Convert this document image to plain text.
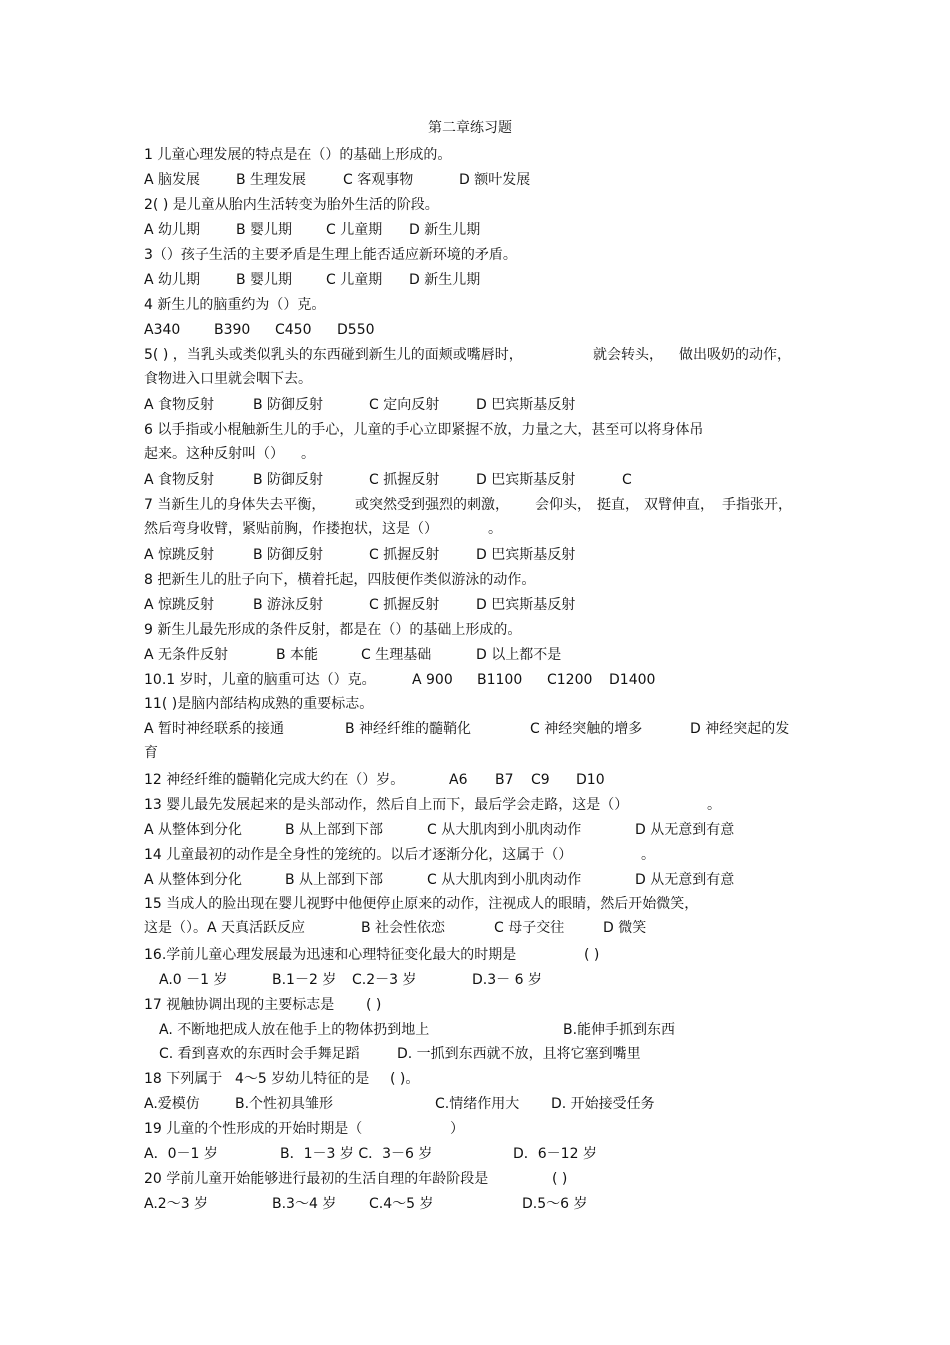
第二章练习题
1 儿童心理发展的特点是在（）的基础上形成的。
A 脑发展	B 生理发展	C 客观事物	D 额叶发展
2( ) 是儿童从胎内生活转变为胎外生活的阶段。
A 幼儿期	B 婴儿期 C 儿童期 D 新生儿期
3（）孩子生活的主要矛盾是生理上能否适应新环境的矛盾。
A 幼儿期	B 婴儿期 C 儿童期 D 新生儿期
4 新生儿的脑重约为（）克。
A340 B390 C450 D550
5( ) ，当乳头或类似乳头的东西碰到新生儿的面颊或嘴唇时，	就会转头， 做出吸奶的动作，
食物进入口里就会咽下去。
A 食物反射	B 防御反射	C 定向反射	D 巴宾斯基反射
6 以手指或小棍触新生儿的手心，儿童的手心立即紧握不放，力量之大，甚至可以将身体吊
起来。这种反射叫（） 。
A 食物反射	B 防御反射	C 抓握反射	D 巴宾斯基反射	C
7 当新生儿的身体失去平衡， 或突然受到强烈的刺激， 会仰头， 挺直， 双臂伸直， 手指张开，
然后弯身收臂，紧贴前胸，作搂抱状，这是（）	。
A 惊跳反射	B 防御反射	C 抓握反射	D 巴宾斯基反射
8 把新生儿的肚子向下，横着托起，四肢便作类似游泳的动作。
A 惊跳反射	B 游泳反射	C 抓握反射	D 巴宾斯基反射
9 新生儿最先形成的条件反射，都是在（）的基础上形成的。
A 无条件反射	B 本能	C 生理基础	D 以上都不是
10.1 岁时，儿童的脑重可达（）克。	A 900 B1100 C1200 D1400
11( )是脑内部结构成熟的重要标志。
A 暂时神经联系的接通	B 神经纤维的髓鞘化	C 神经突触的增多	D 神经突起的发
育
12 神经纤维的髓鞘化完成大约在（）岁。	A6 B7 C9 D10
13 婴儿最先发展起来的是头部动作，然后自上而下，最后学会走路，这是（）	。
A 从整体到分化	B 从上部到下部	C 从大肌肉到小肌肉动作	D 从无意到有意
14 儿童最初的动作是全身性的笼统的。以后才逐渐分化，这属于（）	。
A 从整体到分化	B 从上部到下部	C 从大肌肉到小肌肉动作	D 从无意到有意
15 当成人的脸出现在婴儿视野中他便停止原来的动作，注视成人的眼睛，然后开始微笑，
这是（）。A 天真活跃反应	B 社会性依恋	C 母子交往	D 微笑
16.学前儿童心理发展最为迅速和心理特征变化最大的时期是	( )
A.0 －1 岁	B.1－2 岁 C.2－3 岁	D.3－ 6 岁
17 视触协调出现的主要标志是 ( )
A. 不断地把成人放在他手上的物体扔到地上	B.能伸手抓到东西
C. 看到喜欢的东西时会手舞足蹈	D. 一抓到东西就不放，且将它塞到嘴里
18 下列属于 4～5 岁幼儿特征的是 ( )。
A.爱模仿	B.个性初具雏形	C.情绪作用大 D. 开始接受任务
19 儿童的个性形成的开始时期是（	）
A．0－1 岁	B．1－3 岁 C．3－6 岁	D．6－12 岁
20 学前儿童开始能够进行最初的生活自理的年龄阶段是	( )
A.2～3 岁	B.3～4 岁 C.4～5 岁	D.5～6 岁
